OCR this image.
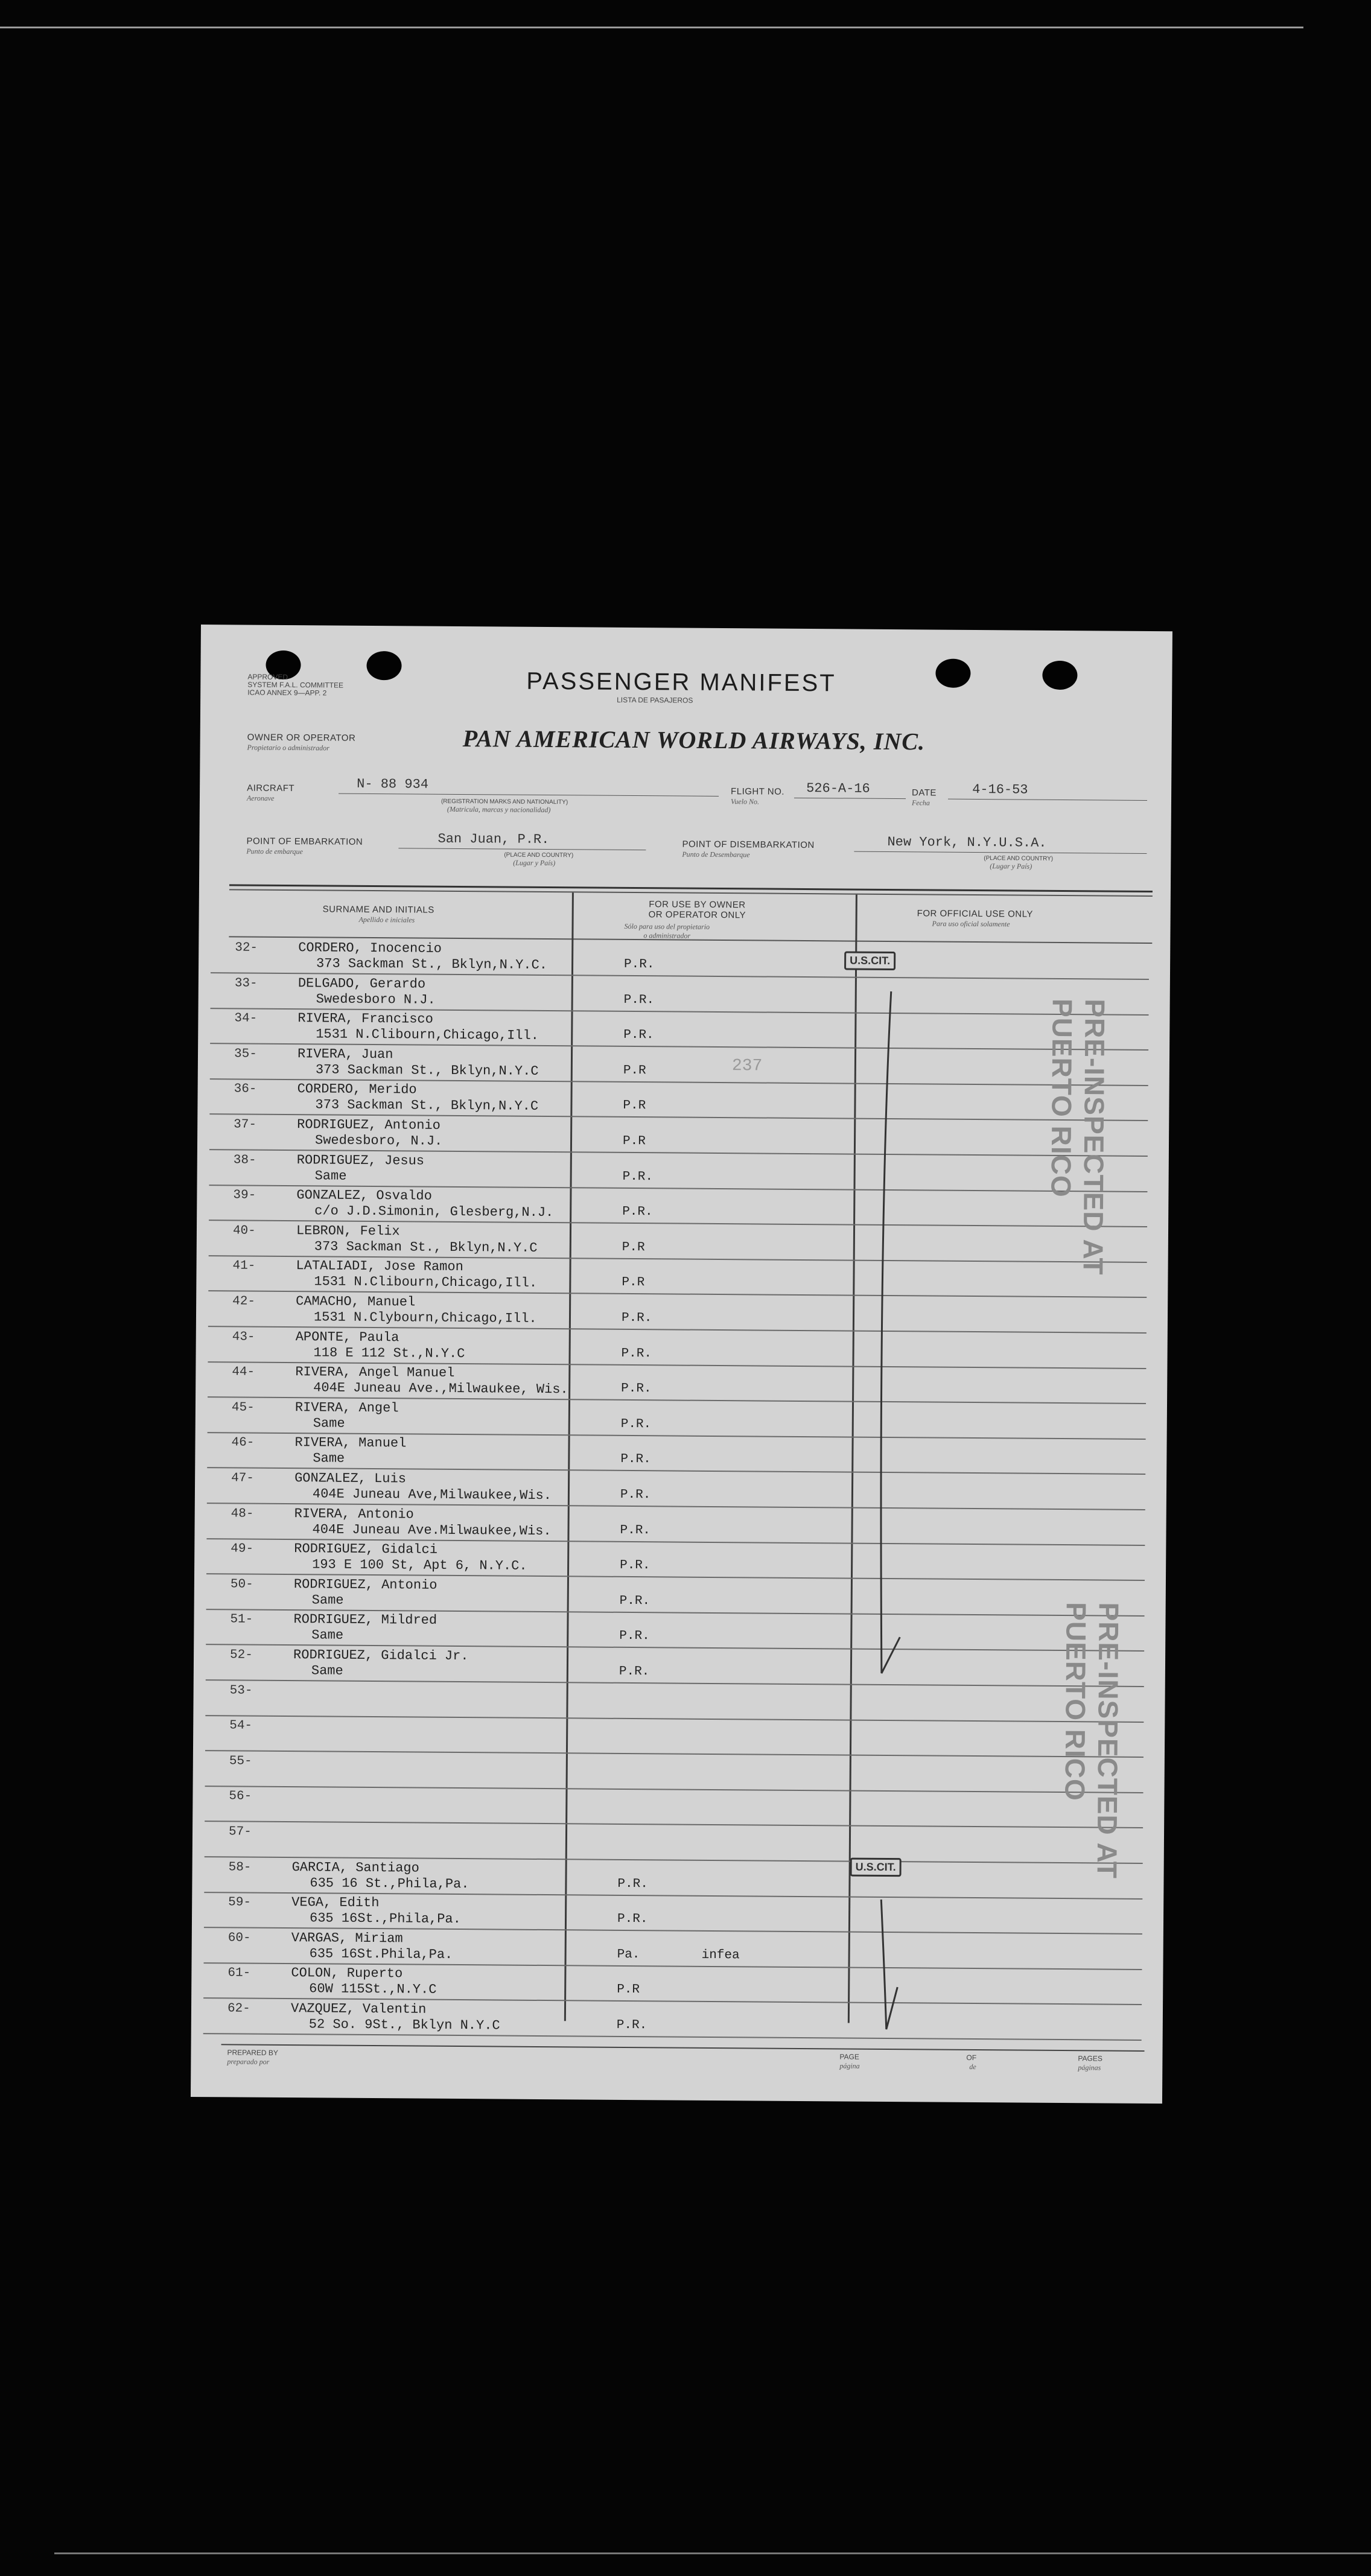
APPROVED
SYSTEM F.A.L. COMMITTEE
ICAO ANNEX 9—APP. 2	PASSENGER MANIFEST
LISTA DE PASAJEROS
OWNER OR OPERATOR
Propietario o administrador	PAN AMERICAN WORLD AIRWAYS, INC.
AIRCRAFT
Aeronave
N- 88 934
(REGISTRATION MARKS AND NATIONALITY)
(Matricula, marcas y nacionalidad)
FLIGHT NO.
Vuelo No.
526-A-16	DATE
Fecha
4-16-53
POINT OF EMBARKATION
Punto de embarque
San Juan, P.R.
(PLACE AND COUNTRY)
(Lugar y País)
POINT OF DISEMBARKATION
Punto de Desembarque
New York, N.Y.U.S.A.
(PLACE AND COUNTRY)
(Lugar y País)
SURNAME AND INITIALS
Apellido e iniciales
FOR USE BY OWNER
OR OPERATOR ONLY
Sólo para uso del propietario
o administrador
FOR OFFICIAL USE ONLY
Para uso oficial solamente
32-	CORDERO, Inocencio
373 Sackman St., Bklyn,N.Y.C.	P.R.
33-	DELGADO, Gerardo
Swedesboro N.J.	P.R.
34-	RIVERA, Francisco
1531 N.Clibourn,Chicago,Ill.	P.R.
35-	RIVERA, Juan
373 Sackman St., Bklyn,N.Y.C	P.R
36-	CORDERO, Merido
373 Sackman St., Bklyn,N.Y.C	P.R
37-	RODRIGUEZ, Antonio
Swedesboro, N.J.	P.R
38-	RODRIGUEZ, Jesus
Same	P.R.
39-	GONZALEZ, Osvaldo
c/o J.D.Simonin, Glesberg,N.J.	P.R.
40-	LEBRON, Felix
373 Sackman St., Bklyn,N.Y.C	P.R
41-	LATALIADI, Jose Ramon
1531 N.Clibourn,Chicago,Ill.	P.R
42-	CAMACHO, Manuel
1531 N.Clybourn,Chicago,Ill.	P.R.
43-	APONTE, Paula
118 E 112 St.,N.Y.C	P.R.
44-	RIVERA, Angel Manuel
404E Juneau Ave.,Milwaukee, Wis.	P.R.
45-	RIVERA, Angel
Same	P.R.
46-	RIVERA, Manuel
Same	P.R.
47-	GONZALEZ, Luis
404E Juneau Ave,Milwaukee,Wis.	P.R.
48-	RIVERA, Antonio
404E Juneau Ave.Milwaukee,Wis.	P.R.
49-	RODRIGUEZ, Gidalci
193 E 100 St, Apt 6, N.Y.C.	P.R.
50-	RODRIGUEZ, Antonio
Same	P.R.
51-	RODRIGUEZ, Mildred
Same	P.R.
52-	RODRIGUEZ, Gidalci Jr.
Same	P.R.
53-
54-
55-
56-
57-
58-	GARCIA, Santiago
635 16 St.,Phila,Pa.	P.R.
59-	VEGA, Edith
635 16St.,Phila,Pa.	P.R.
60-	VARGAS, Miriam
635 16St.Phila,Pa.	Pa.	infea
61-	COLON, Ruperto
60W 115St.,N.Y.C	P.R
62-	VAZQUEZ, Valentin
52 So. 9St., Bklyn N.Y.C	P.R.
U.S.CIT.
U.S.CIT.
PRE-INSPECTED AT PUERTO RICO
PRE-INSPECTED AT PUERTO RICO
237
PREPARED BY
preparado por
PAGE
página
OF
de
PAGES
páginas
